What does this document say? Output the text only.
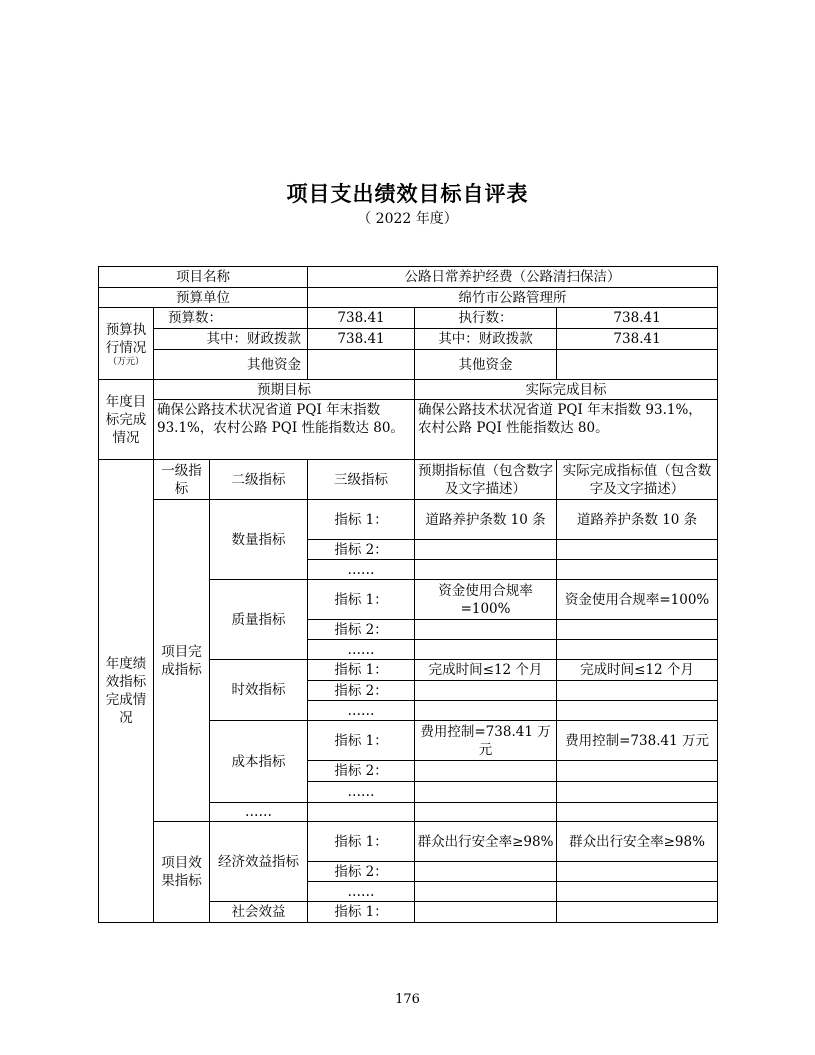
项目支出绩效目标自评表
（ 2022 年度）
项目名称			公路日常养护经费（公路清扫保洁）		
预算单位			绵竹市公路管理所		
预算执行情况
（万元）	预算数：		738.41	执行数：	738.41
	其中：财政拨款		738.41	其中：财政拨款	738.41
	其他资金			其他资金	
年度目标完成情况	预期目标			实际完成目标	
	确保公路技术状况省道 PQI 年末指数 93.1%，农村公路 PQI 性能指数达 80。			确保公路技术状况省道 PQI 年末指数 93.1%，农村公路 PQI 性能指数达 80。	
年度绩效指标完成情况	一级指标	二级指标	三级指标	预期指标值（包含数字及文字描述）	实际完成指标值（包含数字及文字描述）
	项目完成指标	数量指标	指标 1：	道路养护条数 10 条	道路养护条数 10 条
			指标 2：		
			……		
		质量指标	指标 1：	资金使用合规率=100%	资金使用合规率=100%
			指标 2：		
			……		
		时效指标	指标 1：	完成时间≤12 个月	完成时间≤12 个月
			指标 2：		
			……		
		成本指标	指标 1：	费用控制=738.41 万元	费用控制=738.41 万元
			指标 2：		
			……		
		……			
	项目效果指标	经济效益指标	指标 1：	群众出行安全率≥98%	群众出行安全率≥98%
			指标 2：		
			……		
		社会效益	指标 1：		
176
